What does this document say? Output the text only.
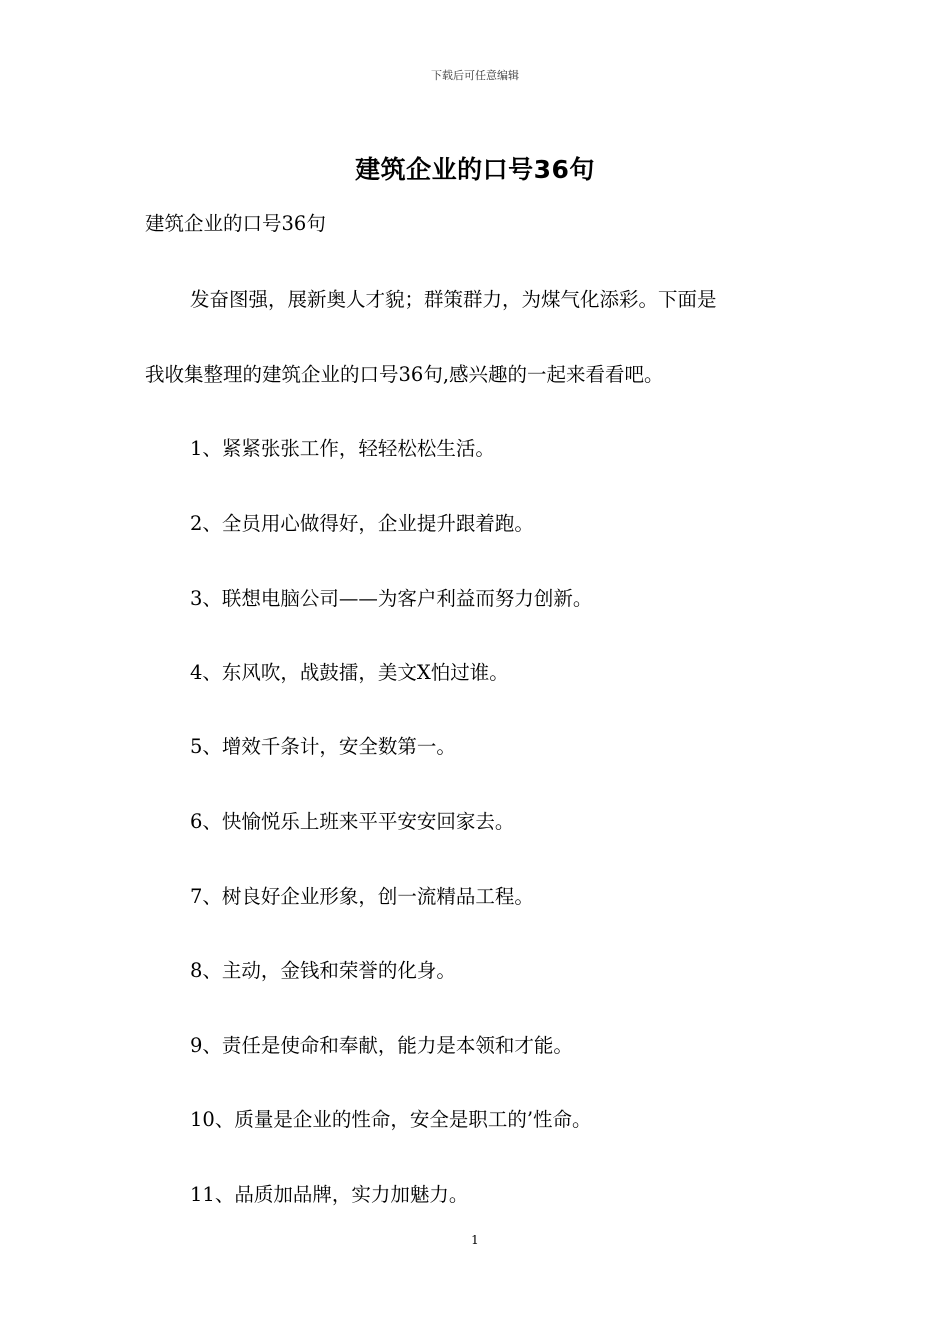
下载后可任意编辑
建筑企业的口号36句
建筑企业的口号36句
发奋图强，展新奥人才貌；群策群力，为煤气化添彩。下面是
我收集整理的建筑企业的口号36句,感兴趣的一起来看看吧。
1、紧紧张张工作，轻轻松松生活。
2、全员用心做得好，企业提升跟着跑。
3、联想电脑公司——为客户利益而努力创新。
4、东风吹，战鼓擂，美文X怕过谁。
5、增效千条计，安全数第一。
6、快愉悦乐上班来平平安安回家去。
7、树良好企业形象，创一流精品工程。
8、主动，金钱和荣誉的化身。
9、责任是使命和奉献，能力是本领和才能。
10、质量是企业的性命，安全是职工的’性命。
11、品质加品牌，实力加魅力。
1
